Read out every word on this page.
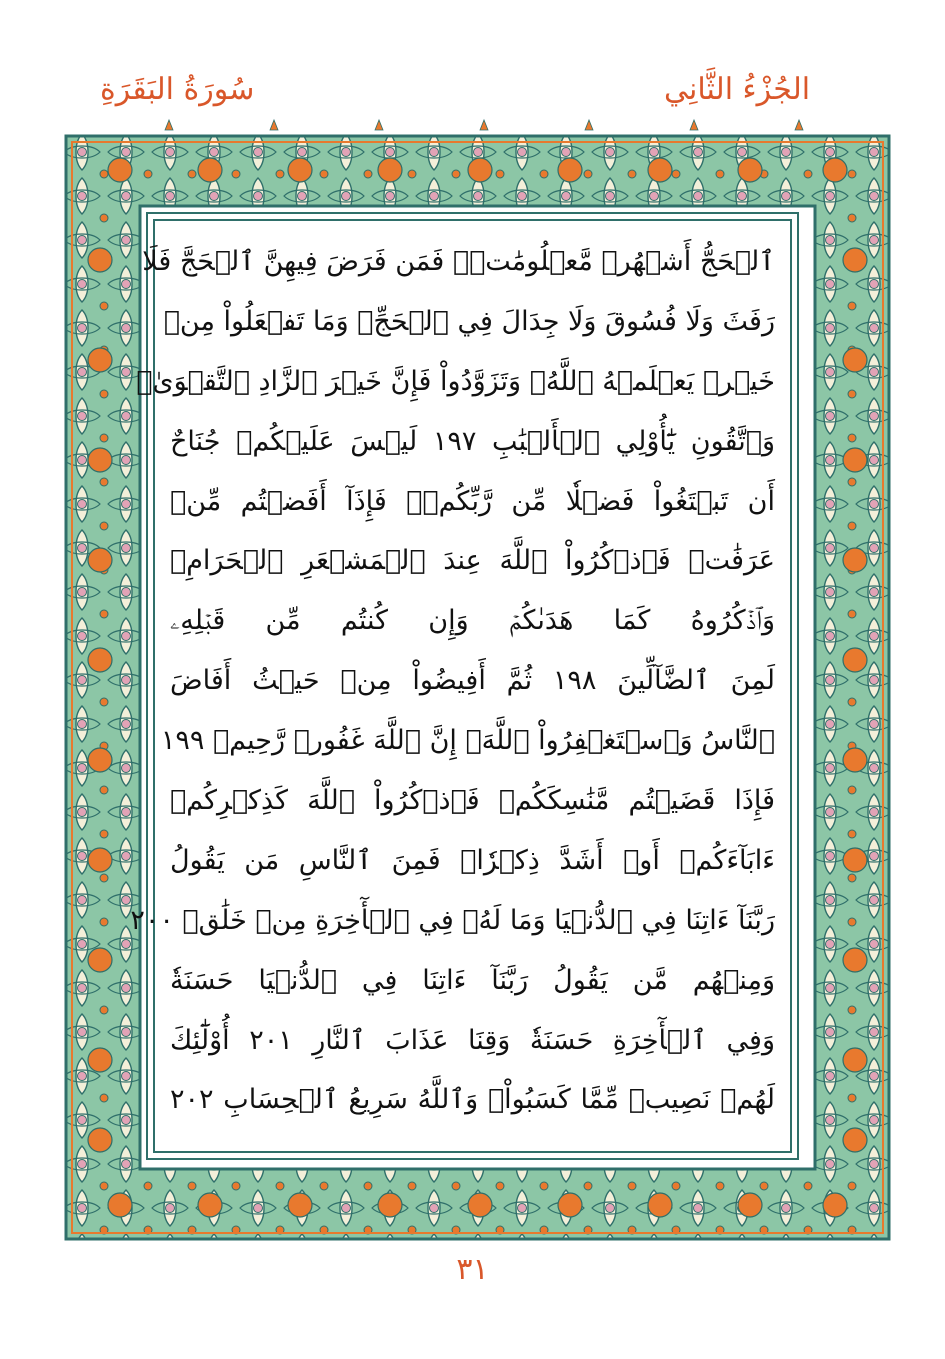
الجُزْءُ الثَّانِي
سُورَةُ البَقَرَةِ
ٱلۡحَجُّ أَشۡهُرٞ مَّعۡلُومَٰتٞۚ فَمَن فَرَضَ فِيهِنَّ ٱلۡحَجَّ فَلَا
رَفَثَ وَلَا فُسُوقَ وَلَا جِدَالَ فِي ٱلۡحَجِّۗ وَمَا تَفۡعَلُواْ مِنۡ
خَيۡرٖ يَعۡلَمۡهُ ٱللَّهُۗ وَتَزَوَّدُواْ فَإِنَّ خَيۡرَ ٱلزَّادِ ٱلتَّقۡوَىٰۖ
وَٱتَّقُونِ يَٰٓأُوْلِي ٱلۡأَلۡبَٰبِ ١٩٧ لَيۡسَ عَلَيۡكُمۡ جُنَاحٌ
أَن تَبۡتَغُواْ فَضۡلٗا مِّن رَّبِّكُمۡۚ فَإِذَآ أَفَضۡتُم مِّنۡ
عَرَفَٰتٖ فَٱذۡكُرُواْ ٱللَّهَ عِندَ ٱلۡمَشۡعَرِ ٱلۡحَرَامِۖ
وَٱذۡكُرُوهُ كَمَا هَدَىٰكُمۡ وَإِن كُنتُم مِّن قَبۡلِهِۦ
لَمِنَ ٱلضَّآلِّينَ ١٩٨ ثُمَّ أَفِيضُواْ مِنۡ حَيۡثُ أَفَاضَ
ٱلنَّاسُ وَٱسۡتَغۡفِرُواْ ٱللَّهَۚ إِنَّ ٱللَّهَ غَفُورٞ رَّحِيمٞ ١٩٩
فَإِذَا قَضَيۡتُم مَّنَٰسِكَكُمۡ فَٱذۡكُرُواْ ٱللَّهَ كَذِكۡرِكُمۡ
ءَابَآءَكُمۡ أَوۡ أَشَدَّ ذِكۡرٗاۗ فَمِنَ ٱلنَّاسِ مَن يَقُولُ
رَبَّنَآ ءَاتِنَا فِي ٱلدُّنۡيَا وَمَا لَهُۥ فِي ٱلۡأٓخِرَةِ مِنۡ خَلَٰقٖ ٢٠٠
وَمِنۡهُم مَّن يَقُولُ رَبَّنَآ ءَاتِنَا فِي ٱلدُّنۡيَا حَسَنَةٗ
وَفِي ٱلۡأٓخِرَةِ حَسَنَةٗ وَقِنَا عَذَابَ ٱلنَّارِ ٢٠١ أُوْلَٰٓئِكَ
لَهُمۡ نَصِيبٞ مِّمَّا كَسَبُواْۚ وَٱللَّهُ سَرِيعُ ٱلۡحِسَابِ ٢٠٢
٣١
